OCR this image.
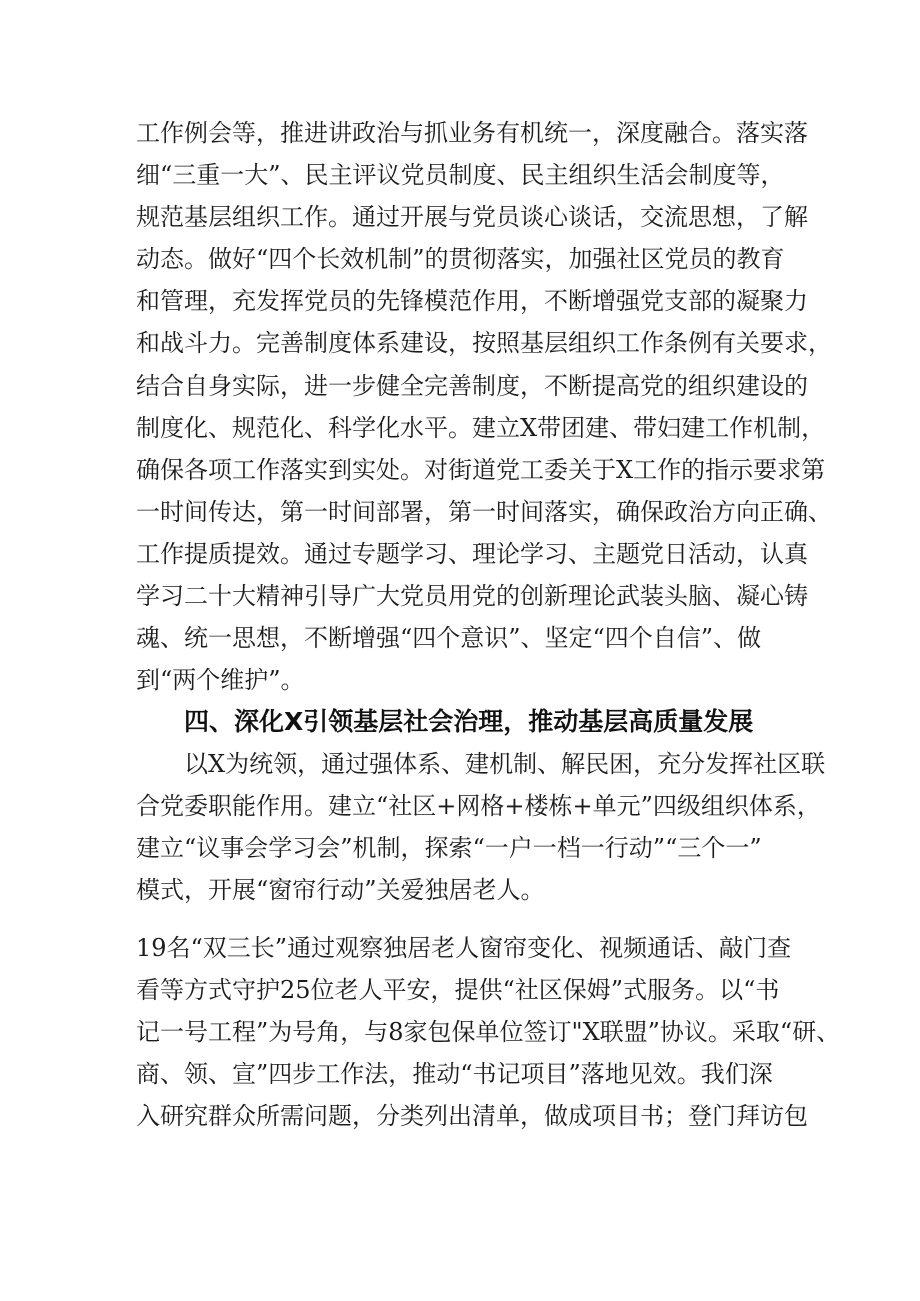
工作例会等，推进讲政治与抓业务有机统一，深度融合。落实落
细“三重一大”、民主评议党员制度、民主组织生活会制度等，
规范基层组织工作。通过开展与党员谈心谈话，交流思想，了解
动态。做好“四个长效机制”的贯彻落实，加强社区党员的教育
和管理，充发挥党员的先锋模范作用，不断增强党支部的凝聚力
和战斗力。完善制度体系建设，按照基层组织工作条例有关要求，
结合自身实际，进一步健全完善制度，不断提高党的组织建设的
制度化、规范化、科学化水平。建立X带团建、带妇建工作机制，
确保各项工作落实到实处。对街道党工委关于X工作的指示要求第
一时间传达，第一时间部署，第一时间落实，确保政治方向正确、
工作提质提效。通过专题学习、理论学习、主题党日活动，认真
学习二十大精神引导广大党员用党的创新理论武装头脑、凝心铸
魂、统一思想，不断增强“四个意识”、坚定“四个自信”、做
到“两个维护”。
四、深化X引领基层社会治理，推动基层高质量发展
以X为统领，通过强体系、建机制、解民困，充分发挥社区联
合党委职能作用。建立“社区+网格+楼栋+单元”四级组织体系，
建立“议事会学习会”机制，探索“一户一档一行动”“三个一”
模式，开展“窗帘行动”关爱独居老人。
19名“双三长”通过观察独居老人窗帘变化、视频通话、敲门查
看等方式守护25位老人平安，提供“社区保姆”式服务。以“书
记一号工程”为号角，与8家包保单位签订"X联盟”协议。采取“研、
商、领、宣”四步工作法，推动“书记项目”落地见效。我们深
入研究群众所需问题，分类列出清单，做成项目书；登门拜访包
